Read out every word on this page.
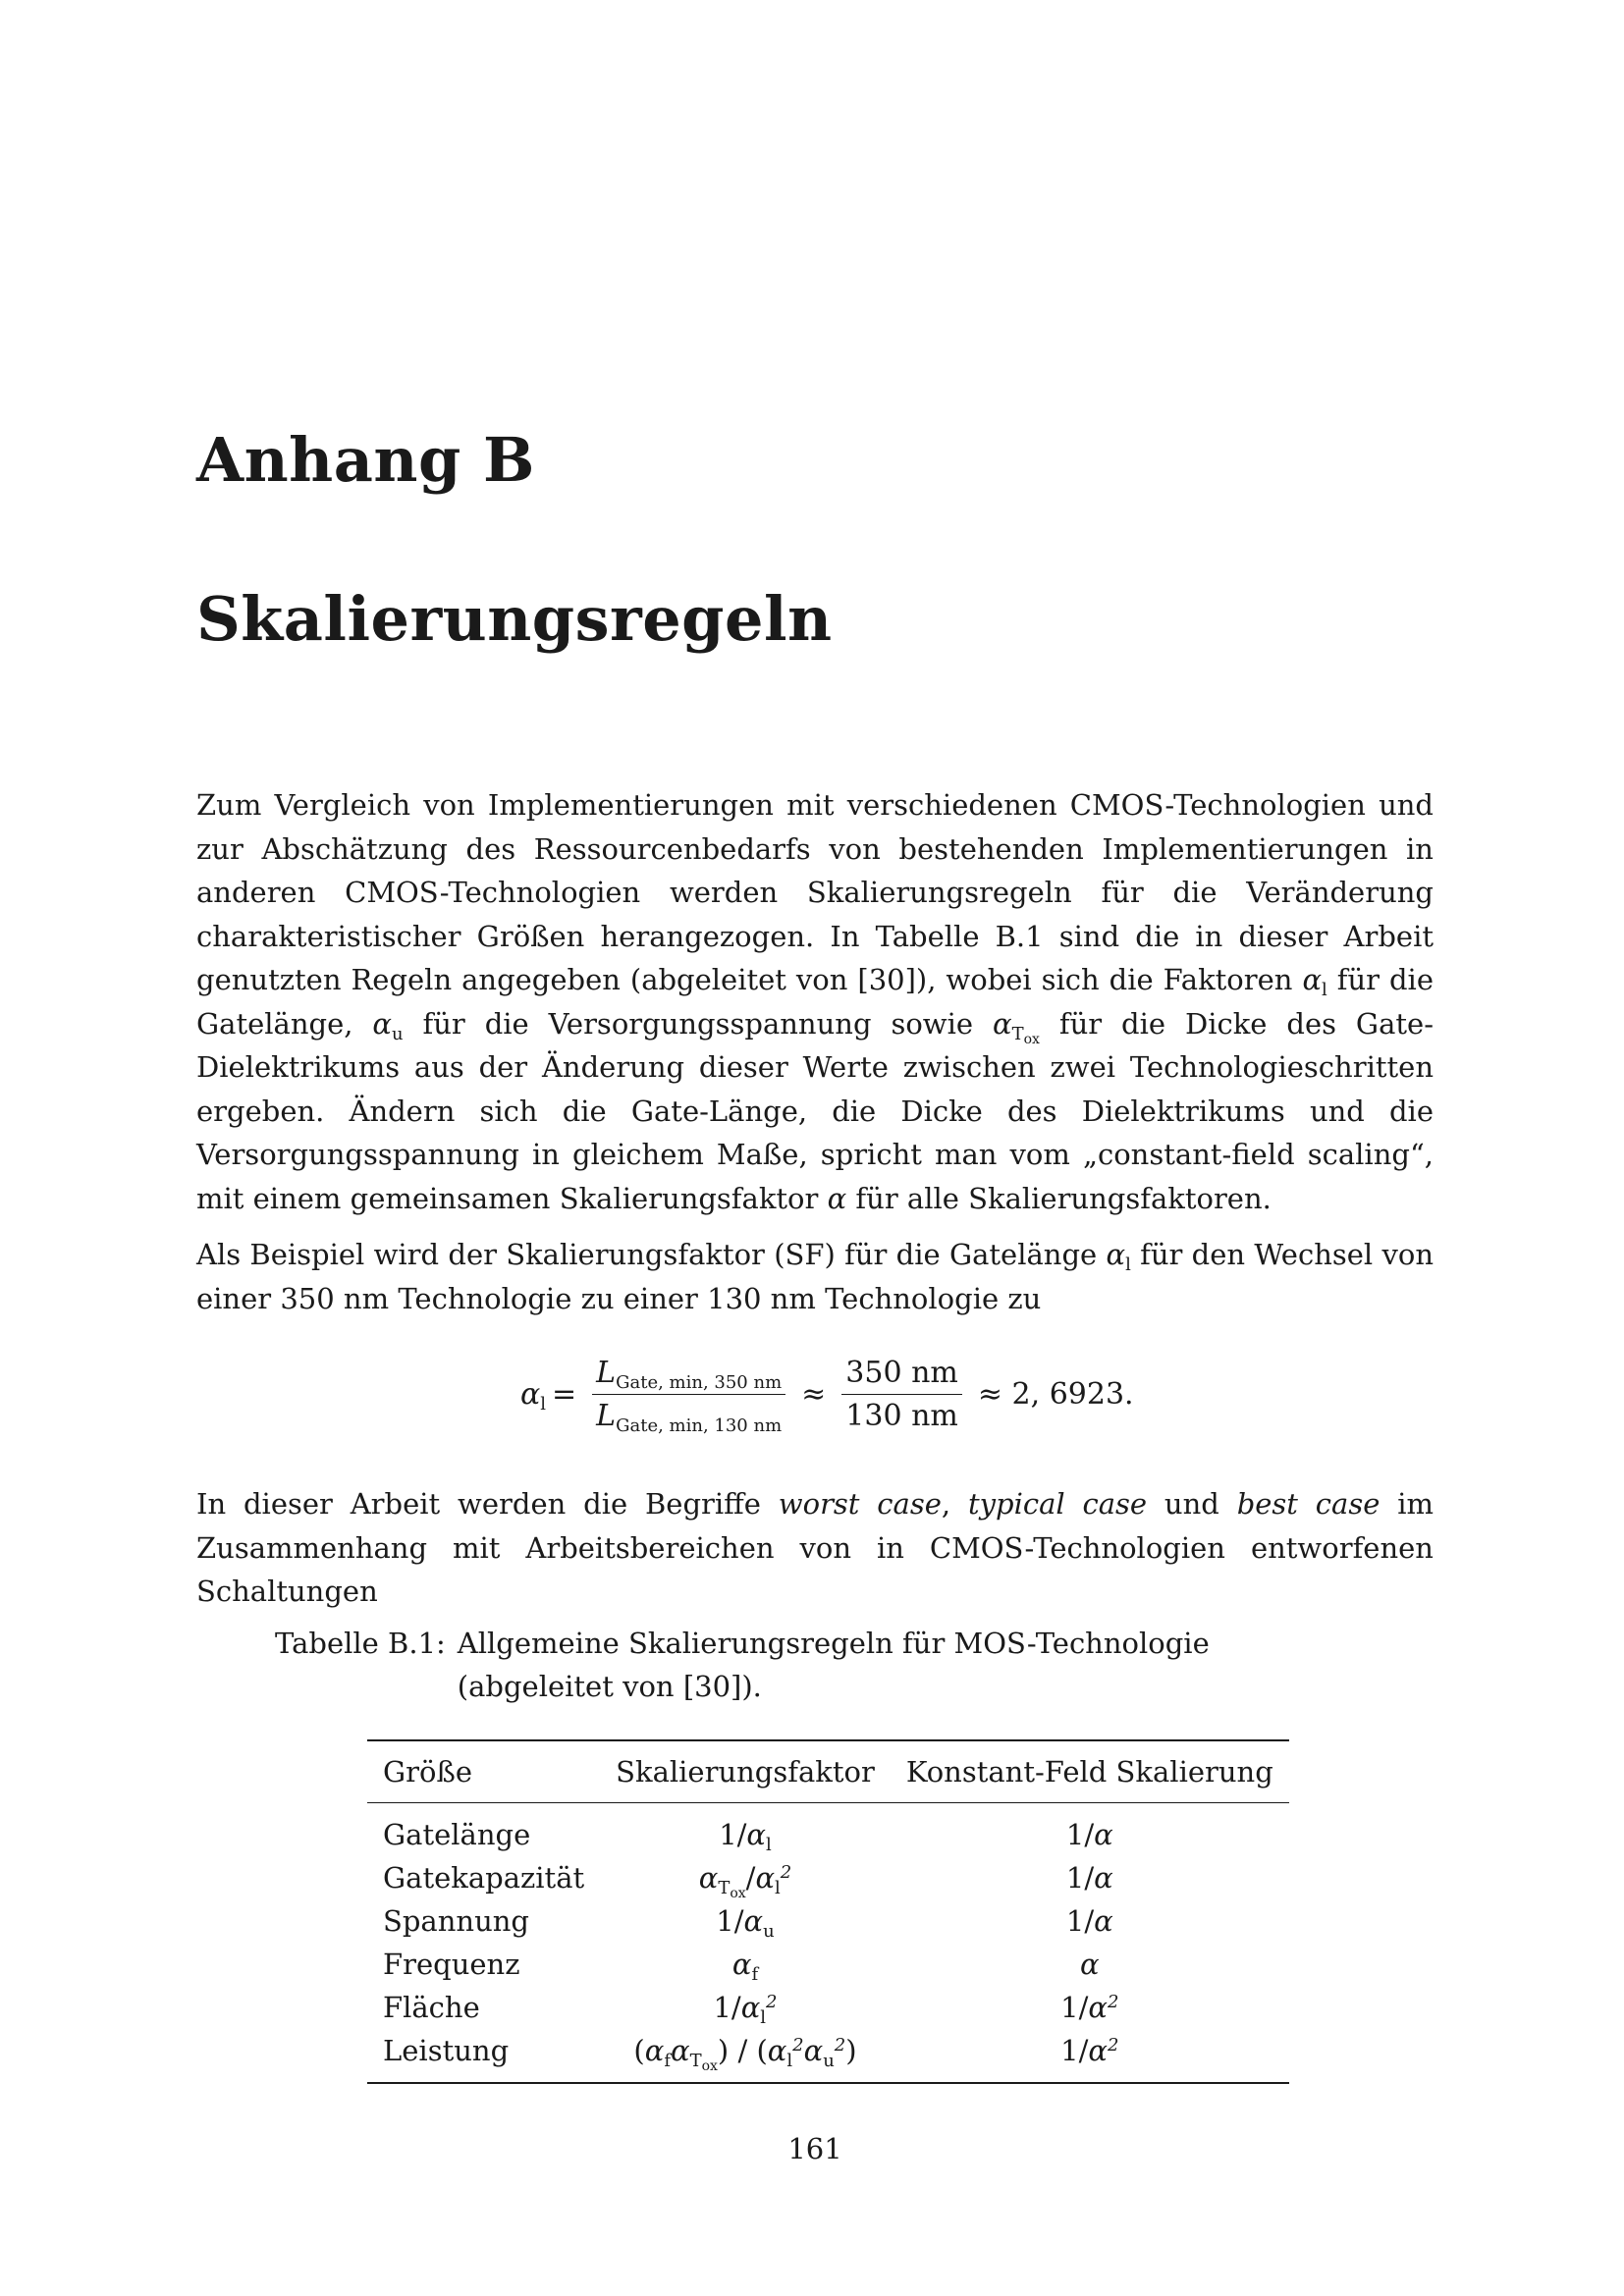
Anhang B
Skalierungsregeln
Zum Vergleich von Implementierungen mit verschiedenen CMOS-Technologien und zur Abschätzung des Ressourcenbedarfs von bestehenden Implementierungen in anderen CMOS-Technologien werden Skalierungsregeln für die Veränderung charakteristischer Größen herangezogen. In Tabelle B.1 sind die in dieser Arbeit genutzten Regeln angegeben (abgeleitet von [30]), wobei sich die Faktoren $\alpha_l$ für die Gatelänge, $\alpha_u$ für die Versorgungsspannung sowie $\alpha_{T_{ox}}$ für die Dicke des Gate-Dielektrikums aus der Änderung dieser Werte zwischen zwei Technologieschritten ergeben. Ändern sich die Gate-Länge, die Dicke des Dielektrikums und die Versorgungsspannung in gleichem Maße, spricht man vom „constant-field scaling“, mit einem gemeinsamen Skalierungsfaktor α für alle Skalierungsfaktoren.
Als Beispiel wird der Skalierungsfaktor (SF) für die Gatelänge $\alpha_l$ für den Wechsel von einer 350 nm Technologie zu einer 130 nm Technologie zu
$\alpha_l = \frac{L_{Gate, min, 350 nm}}{L_{Gate, min, 130 nm}} \approx \frac{350 nm}{130 nm} \approx 2$, 6923.
In dieser Arbeit werden die Begriffe worst case, typical case und best case im Zusammenhang mit Arbeitsbereichen von in CMOS-Technologien entworfenen Schaltungen
Tabelle B.1: Allgemeine Skalierungsregeln für MOS-Technologie (abgeleitet von [30]).
Größe	Skalierungsfaktor	Konstant-Feld Skalierung
Gatelänge	$1/\alpha_l$	1/α
Gatekapazität	$\alpha_{T_{ox}}/\alpha_l^2$	1/α
Spannung	$1/\alpha_u$	1/α
Frequenz	$\alpha_f$	α
Fläche	$1/\alpha_l^2$	$1/\alpha^2$
Leistung	$(\alpha_f\alpha_{T_{ox}}) / (\alpha_l^2\alpha_u^2)$	$1/\alpha^2$
161
